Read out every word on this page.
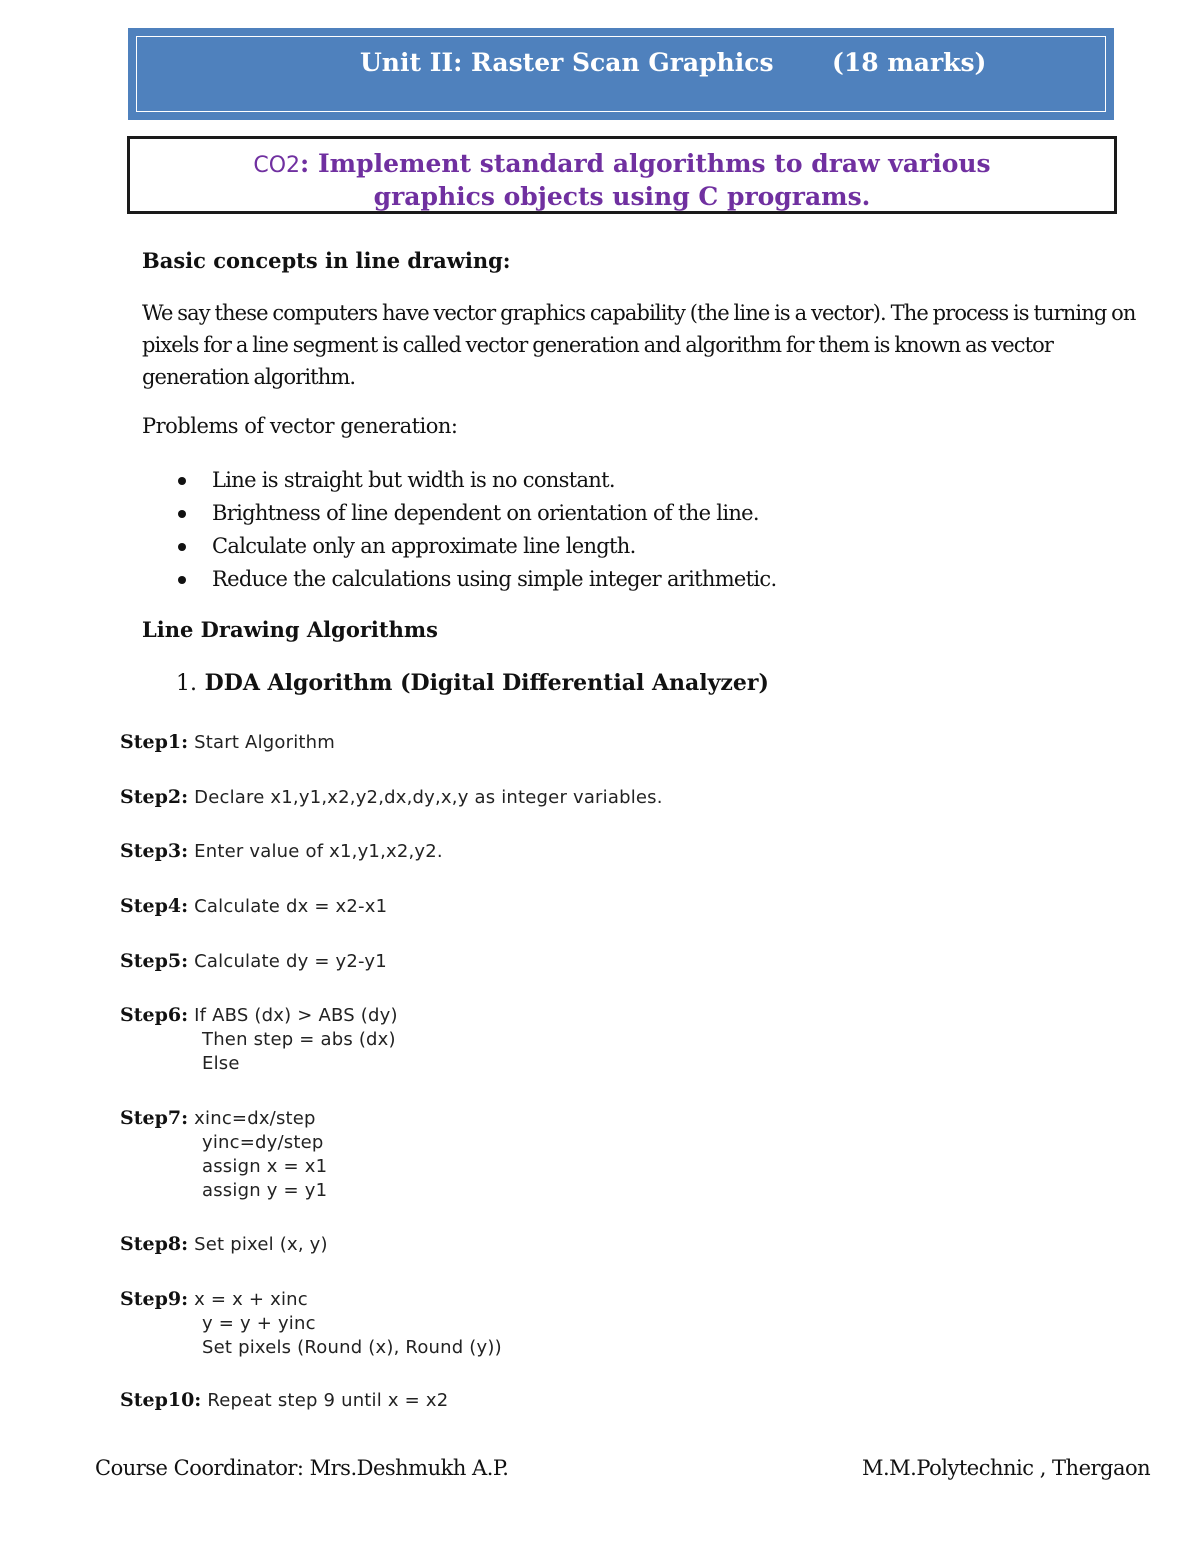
Unit II: Raster Scan Graphics (18 marks)
CO2: Implement standard algorithms to draw various
graphics objects using C programs.
Basic concepts in line drawing:
We say these computers have vector graphics capability (the line is a vector). The process is turning on pixels for a line segment is called vector generation and algorithm for them is known as vector generation algorithm.
Problems of vector generation:
Line is straight but width is no constant.
Brightness of line dependent on orientation of the line.
Calculate only an approximate line length.
Reduce the calculations using simple integer arithmetic.
Line Drawing Algorithms
1. DDA Algorithm (Digital Differential Analyzer)
Step1: Start Algorithm
Step2: Declare x1,y1,x2,y2,dx,dy,x,y as integer variables.
Step3: Enter value of x1,y1,x2,y2.
Step4: Calculate dx = x2-x1
Step5: Calculate dy = y2-y1
Step6: If ABS (dx) > ABS (dy)
Then step = abs (dx)
Else
Step7: xinc=dx/step
yinc=dy/step
assign x = x1
assign y = y1
Step8: Set pixel (x, y)
Step9: x = x + xinc
y = y + yinc
Set pixels (Round (x), Round (y))
Step10: Repeat step 9 until x = x2
Course Coordinator: Mrs.Deshmukh A.P.	M.M.Polytechnic , Thergaon
